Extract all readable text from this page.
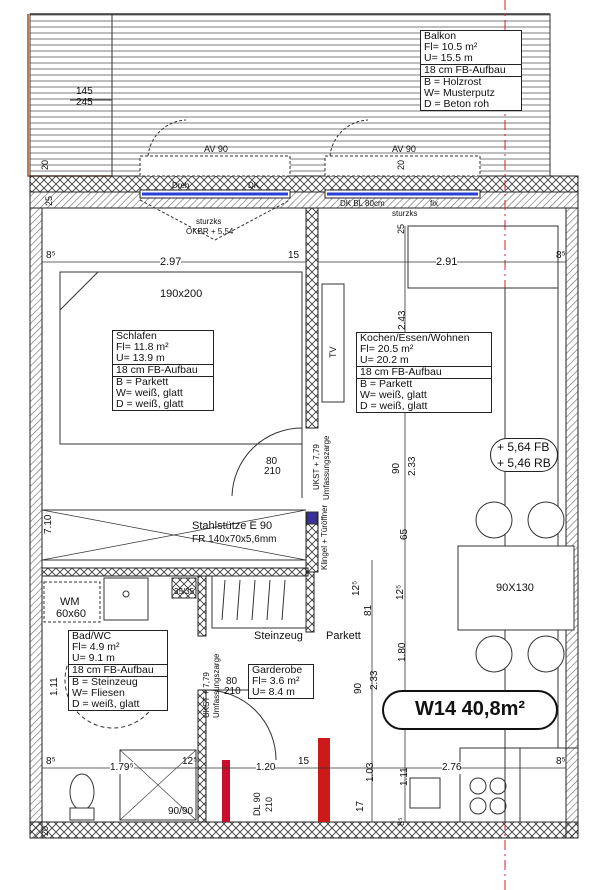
Balkon
Fl= 10.5 m²
U= 15.5 m
18 cm FB-Aufbau
B = Holzrost
W= Musterputz
D = Beton roh
Schlafen
Fl= 11.8 m²
U= 13.9 m
18 cm FB-Aufbau
B = Parkett
W= weiß, glatt
D = weiß, glatt
Kochen/Essen/Wohnen
Fl= 20.5 m²
U= 20.2 m
18 cm FB-Aufbau
B = Parkett
W= weiß, glatt
D = weiß, glatt
Bad/WC
Fl= 4.9 m²
U= 9.1 m
18 cm FB-Aufbau
B = Steinzeug
W= Fliesen
D = weiß, glatt
Garderobe
Fl= 3.6 m²
U= 8.4 m
+ 5,64 FB
+ 5,46 RB
W14 40,8m²
190x200
90X130
WM
60x60
35/35
90/90
TV
Stahlstütze E 90
FR 140x70x5,6mm
Steinzeug Parkett
AV 90	AV 90
Dreh	DK
DK BL 80cm	fix
sturzks
OKBR + 5,54
sturzks
80
210
80
210
Umfassungszarge
UKST + 7,79
Umfassungszarge
UKST + 7,79
Klingel + Türöffner
DL 90 210
145
245
2.97	2.91
15
8⁵	8⁵
2.43
90 2.33
65
81
12⁵	12⁵
1.80
90 2.33
1.79⁵
12⁵
1.20
15
1.03 1.11	2.76
8⁵	8⁵
17
8⁵
20	20
20
25
25
7.10
1.11
